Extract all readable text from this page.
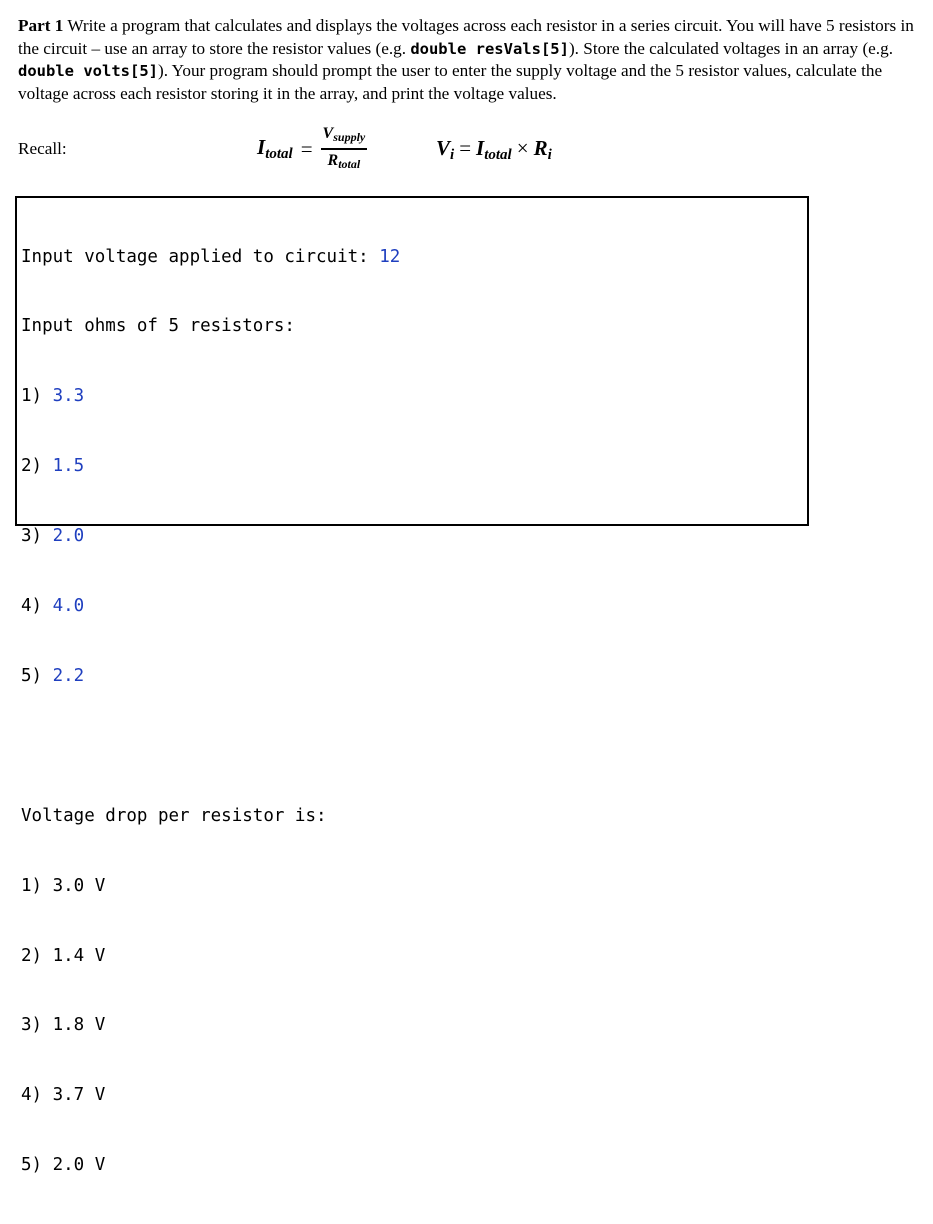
Part 1 Write a program that calculates and displays the voltages across each resistor in a series circuit. You will have 5 resistors in the circuit – use an array to store the resistor values (e.g. double resVals[5]). Store the calculated voltages in an array (e.g. double volts[5]). Your program should prompt the user to enter the supply voltage and the 5 resistor values, calculate the voltage across each resistor storing it in the array, and print the voltage values.

Recall:	$I_{total} = \frac{V_{supply}}{R_{total}}$	$V_i = I_{total} \times R_i$

Input voltage applied to circuit: 12

Input ohms of 5 resistors:

1) 3.3

2) 1.5

3) 2.0

4) 4.0

5) 2.2

Voltage drop per resistor is:

1) 3.0 V

2) 1.4 V

3) 1.8 V

4) 3.7 V

5) 2.0 V
